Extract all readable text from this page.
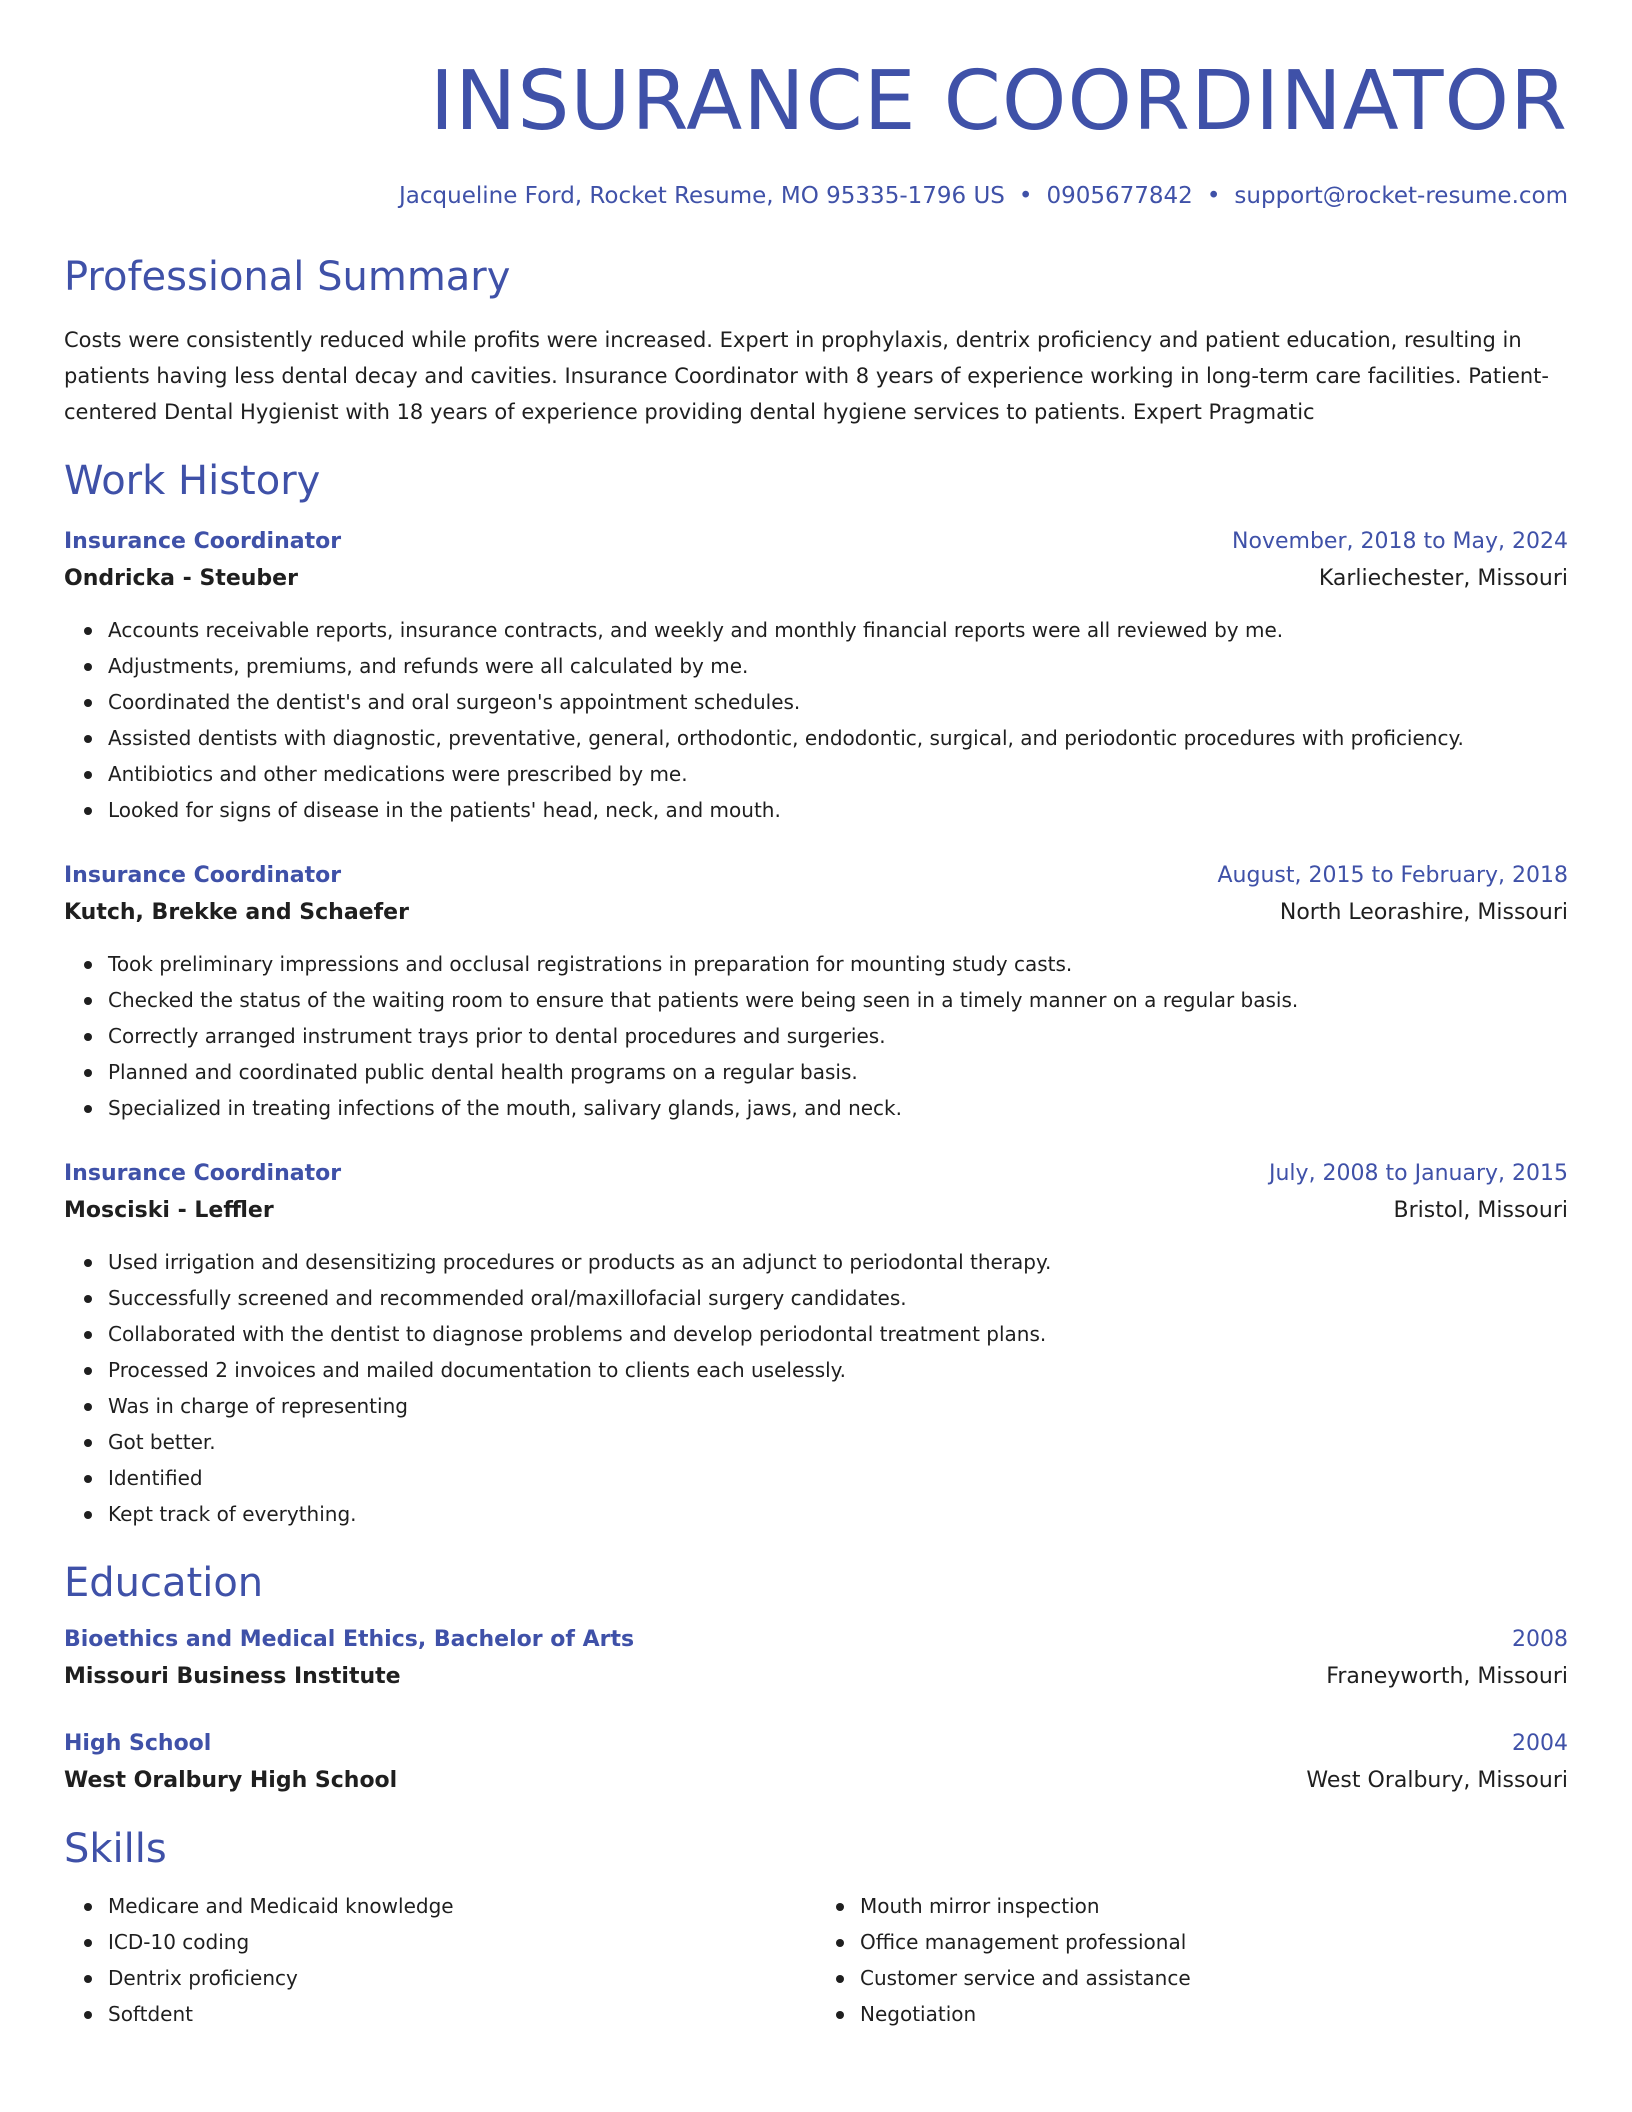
INSURANCE COORDINATOR
Jacqueline Ford, Rocket Resume, MO 95335-1796 US • 0905677842 • support@rocket-resume.com
Professional Summary
Costs were consistently reduced while profits were increased. Expert in prophylaxis, dentrix proficiency and patient education, resulting in patients having less dental decay and cavities. Insurance Coordinator with 8 years of experience working in long-term care facilities. Patient-centered Dental Hygienist with 18 years of experience providing dental hygiene services to patients. Expert Pragmatic
Work History
Insurance Coordinator	November, 2018 to May, 2024
Ondricka - Steuber	Karliechester, Missouri
Accounts receivable reports, insurance contracts, and weekly and monthly financial reports were all reviewed by me.
Adjustments, premiums, and refunds were all calculated by me.
Coordinated the dentist's and oral surgeon's appointment schedules.
Assisted dentists with diagnostic, preventative, general, orthodontic, endodontic, surgical, and periodontic procedures with proficiency.
Antibiotics and other medications were prescribed by me.
Looked for signs of disease in the patients' head, neck, and mouth.
Insurance Coordinator	August, 2015 to February, 2018
Kutch, Brekke and Schaefer	North Leorashire, Missouri
Took preliminary impressions and occlusal registrations in preparation for mounting study casts.
Checked the status of the waiting room to ensure that patients were being seen in a timely manner on a regular basis.
Correctly arranged instrument trays prior to dental procedures and surgeries.
Planned and coordinated public dental health programs on a regular basis.
Specialized in treating infections of the mouth, salivary glands, jaws, and neck.
Insurance Coordinator	July, 2008 to January, 2015
Mosciski - Leffler	Bristol, Missouri
Used irrigation and desensitizing procedures or products as an adjunct to periodontal therapy.
Successfully screened and recommended oral/maxillofacial surgery candidates.
Collaborated with the dentist to diagnose problems and develop periodontal treatment plans.
Processed 2 invoices and mailed documentation to clients each uselessly.
Was in charge of representing
Got better.
Identified
Kept track of everything.
Education
Bioethics and Medical Ethics, Bachelor of Arts	2008
Missouri Business Institute	Franeyworth, Missouri
High School	2004
West Oralbury High School	West Oralbury, Missouri
Skills
Medicare and Medicaid knowledge
ICD-10 coding
Dentrix proficiency
Softdent
Mouth mirror inspection
Office management professional
Customer service and assistance
Negotiation
